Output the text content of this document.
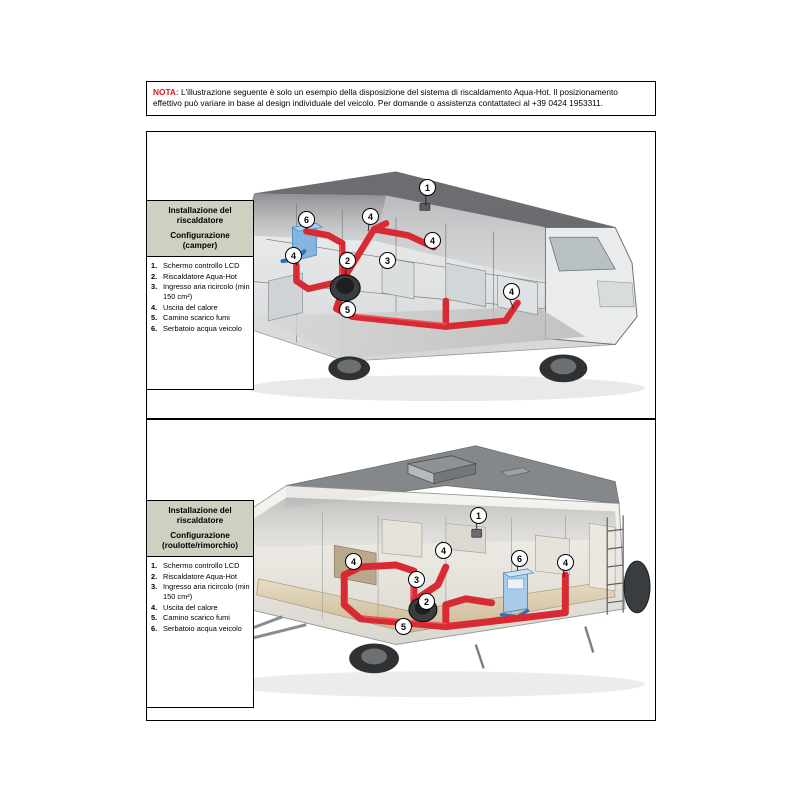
NOTA: L'illustrazione seguente è solo un esempio della disposizione del sistema di riscaldamento Aqua-Hot. Il posizionamento effettivo può variare in base al design individuale del veicolo. Per domande o assistenza contattateci al +39 0424 1953311.
1
6	4
4
4	2	3
5
4
1
4
4
6
3
2
5
4
Installazione del
riscaldatore
Configurazione
(camper)
1. Schermo controllo LCD
2. Riscaldatore Aqua-Hot
3. Ingresso aria ricircolo (min 150 cm²)
4. Uscita del calore
5. Camino scarico fumi
6. Serbatoio acqua veicolo
Installazione del
riscaldatore
Configurazione
(roulotte/rimorchio)
1. Schermo controllo LCD
2. Riscaldatore Aqua-Hot
3. Ingresso aria ricircolo (min 150 cm²)
4. Uscita del calore
5. Camino scarico fumi
6. Serbatoio acqua veicolo
